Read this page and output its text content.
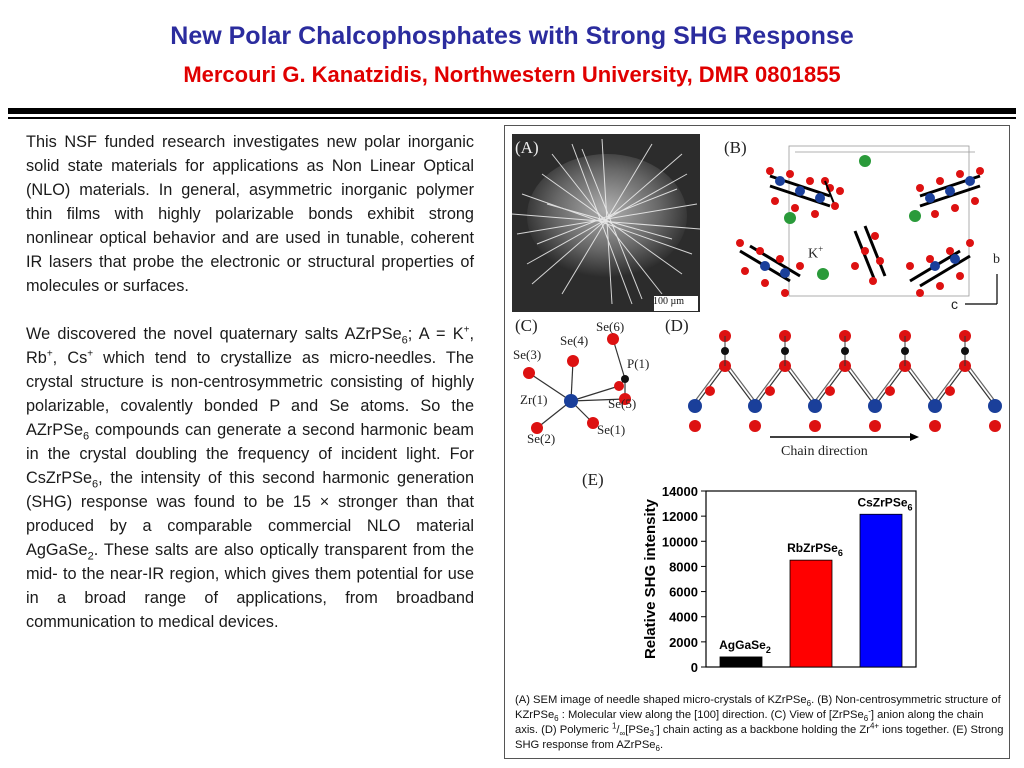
New Polar Chalcophosphates with Strong SHG Response
Mercouri G. Kanatzidis, Northwestern University, DMR 0801855

This NSF funded research investigates new polar inorganic solid state materials for applications as Non Linear Optical (NLO) materials. In general, asymmetric inorganic polymer thin films with highly polarizable bonds exhibit strong nonlinear optical behavior and are used in tunable, coherent IR lasers that probe the electronic or structural properties of molecules or surfaces.

We discovered the novel quaternary salts AZrPSe$_6$; A = K+, Rb+, Cs+ which tend to crystallize as micro-needles. The crystal structure is non-centrosymmetric consisting of highly polarizable, covalently bonded P and Se atoms. So the AZrPSe$_6$ compounds can generate a second harmonic beam in the crystal doubling the frequency of incident light. For CsZrPSe$_6$, the intensity of this second harmonic generation (SHG) response was found to be 15 × stronger than that produced by a comparable commercial NLO material AgGaSe$_2$. These salts are also optically transparent from the mid- to the near-IR region, which gives them potential for use in a broad range of applications, from broadband communication to medical devices.

(A)
100 µm
(B)
K+
b
c
(C)	Se(6)
Se(4)
Se(3)
P(1)
Zr(1)	Se(5)
Se(1)
Se(2)
(D)
Chain direction
(E)
0
2000
4000
6000
8000
10000
12000
14000
Relative SHG intensity	AgGaSe$_2$
RbZrPSe$_6$
CsZrPSe$_6$
(A) SEM image of needle shaped micro-crystals of KZrPSe$_6$. (B) Non-centrosymmetric structure of KZrPSe$_6$ : Molecular view along the [100] direction. (C) View of [ZrPSe$_6$-] anion along the chain axis. (D) Polymeric $^1/_\infty[PSe_3^-]$ chain acting as a backbone holding the $Zr^{4+}$ ions together. (E) Strong SHG response from AZrPSe$_6$.
